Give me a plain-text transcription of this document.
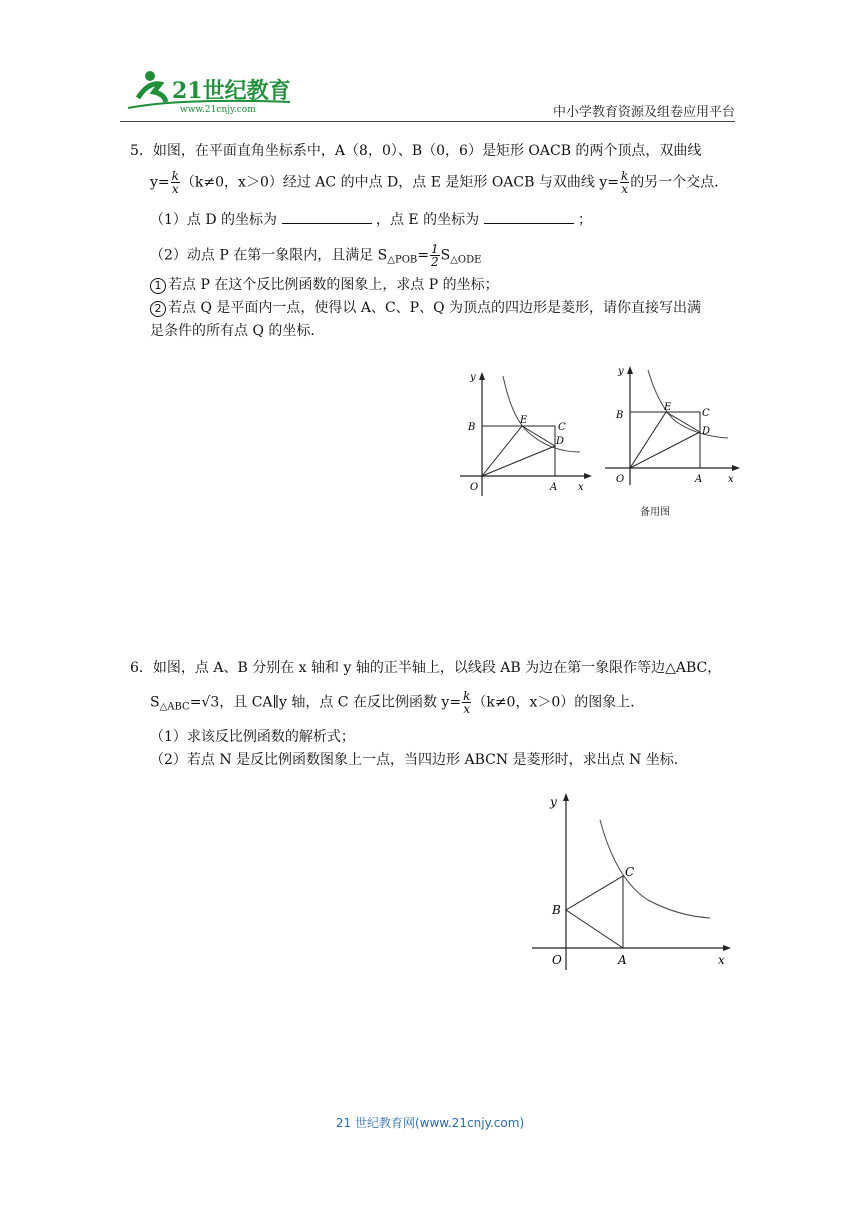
21世纪教育
www.21cnjy.com	中小学教育资源及组卷应用平台
5．如图，在平面直角坐标系中，A（8，0）、B（0，6）是矩形 OACB 的两个顶点，双曲线
$y= \frac{k}{x} (k\ne 0$，x＞0）经过 AC 的中点 D，点 E 是矩形 OACB 与双曲线 $y= \frac{k}{x}$ 的另一个交点．
（1）点 D 的坐标为	，点 E 的坐标为	；
（2）动点 P 在第一象限内，且满足 $S_{\triangle POB}= \frac{1}{2} S_{\triangle ODE}$
1 若点 P 在这个反比例函数的图象上，求点 P 的坐标；
2 若点 Q 是平面内一点，使得以 A、C、P、Q 为顶点的四边形是菱形，请你直接写出满
足条件的所有点 Q 的坐标．
y
B
O	A x
E
C
D
y
B
O	A	x
E
C
D
备用图
6．如图，点 A、B 分别在 x 轴和 y 轴的正半轴上，以线段 AB 为边在第一象限作等边△ABC，
$S_{\triangle ABC}=√3$，且 CA∥y 轴，点 C 在反比例函数 $y= \frac{k}{x} (k\ne 0$，x＞0）的图象上．
（1）求该反比例函数的解析式；
（2）若点 N 是反比例函数图象上一点，当四边形 ABCN 是菱形时，求出点 N 坐标．
y
x
O	A
B
C
21 世纪教育网(www.21cnjy.com)
